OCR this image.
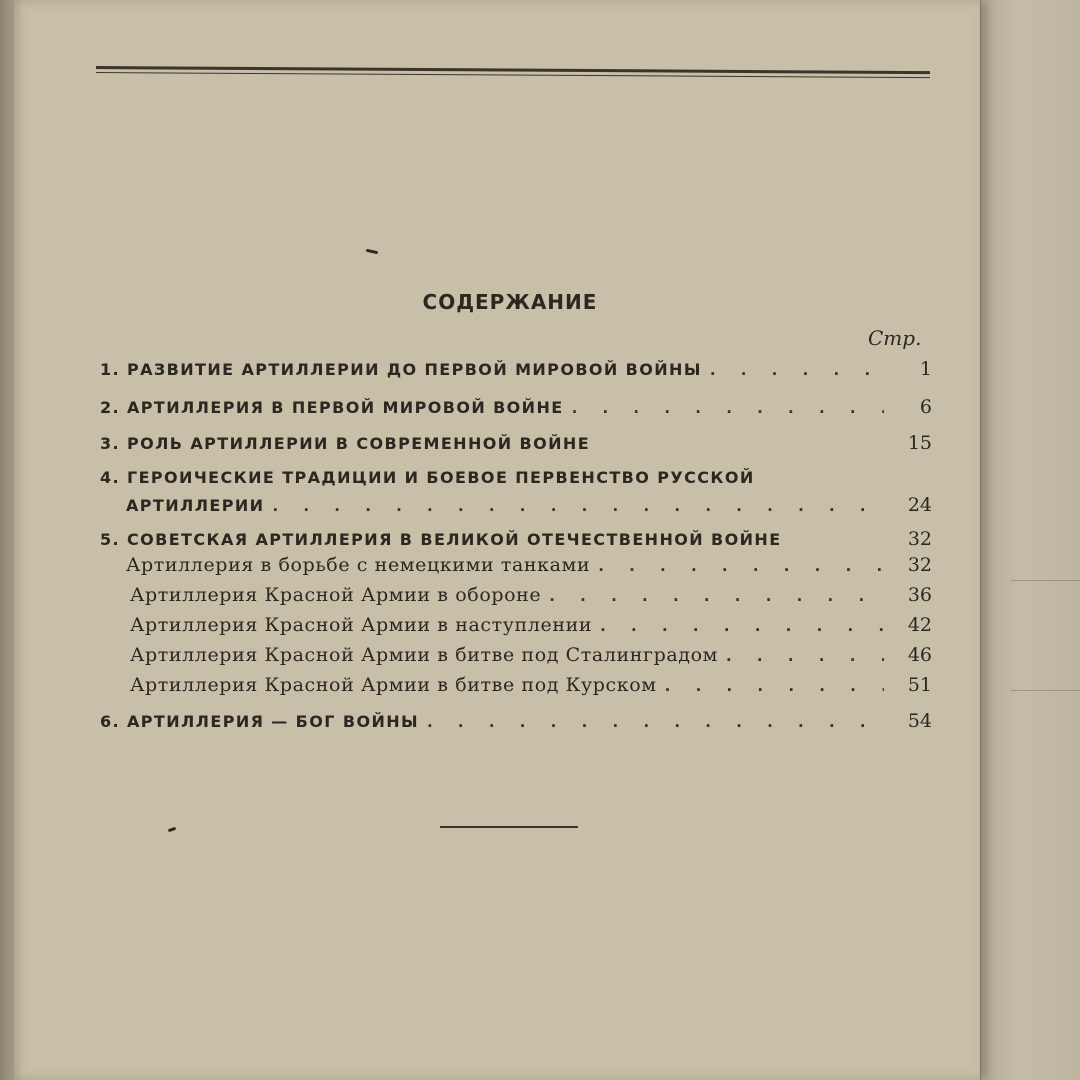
СОДЕРЖАНИЕ
Стр.
1. РАЗВИТИЕ АРТИЛЛЕРИИ ДО ПЕРВОЙ МИРОВОЙ ВОЙНЫ . . .	1
2. АРТИЛЛЕРИЯ В ПЕРВОЙ МИРОВОЙ ВОЙНЕ . . .	6
3. РОЛЬ АРТИЛЛЕРИИ В СОВРЕМЕННОЙ ВОЙНЕ	15
4. ГЕРОИЧЕСКИЕ ТРАДИЦИИ И БОЕВОЕ ПЕРВЕНСТВО РУССКОЙ
АРТИЛЛЕРИИ . . .	24
5. СОВЕТСКАЯ АРТИЛЛЕРИЯ В ВЕЛИКОЙ ОТЕЧЕСТВЕННОЙ ВОЙНЕ	32
Артиллерия в борьбе с немецкими танками . . .	32
Артиллерия Красной Армии в обороне . . .	36
Артиллерия Красной Армии в наступлении . . .	42
Артиллерия Красной Армии в битве под Сталинградом . . .	46
Артиллерия Красной Армии в битве под Курском . . .	51
6. АРТИЛЛЕРИЯ — БОГ ВОЙНЫ . . .	54
